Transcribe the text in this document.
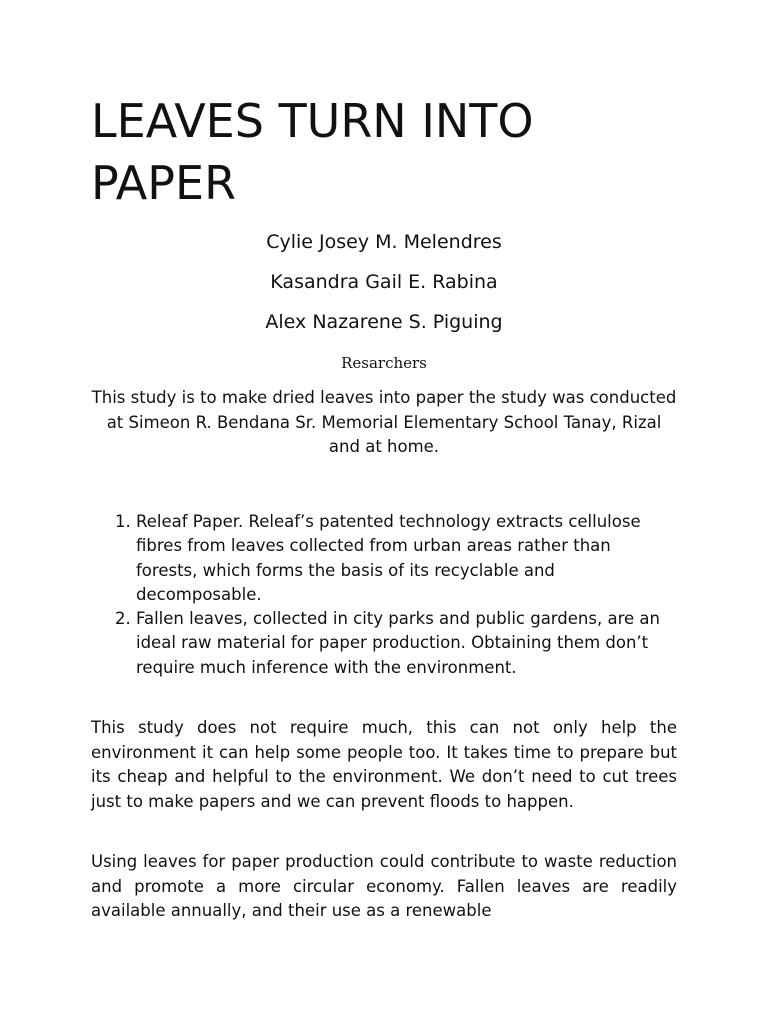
LEAVES TURN INTO PAPER

Cylie Josey M. Melendres

Kasandra Gail E. Rabina

Alex Nazarene S. Piguing

Resarchers

This study is to make dried leaves into paper the study was conducted at Simeon R. Bendana Sr. Memorial Elementary School Tanay, Rizal and at home.

1. Releaf Paper. Releaf’s patented technology extracts cellulose fibres from leaves collected from urban areas rather than forests, which forms the basis of its recyclable and decomposable.
2. Fallen leaves, collected in city parks and public gardens, are an ideal raw material for paper production. Obtaining them don’t require much inference with the environment.

This study does not require much, this can not only help the environment it can help some people too. It takes time to prepare but its cheap and helpful to the environment. We don’t need to cut trees just to make papers and we can prevent floods to happen.

Using leaves for paper production could contribute to waste reduction and promote a more circular economy. Fallen leaves are readily available annually, and their use as a renewable
